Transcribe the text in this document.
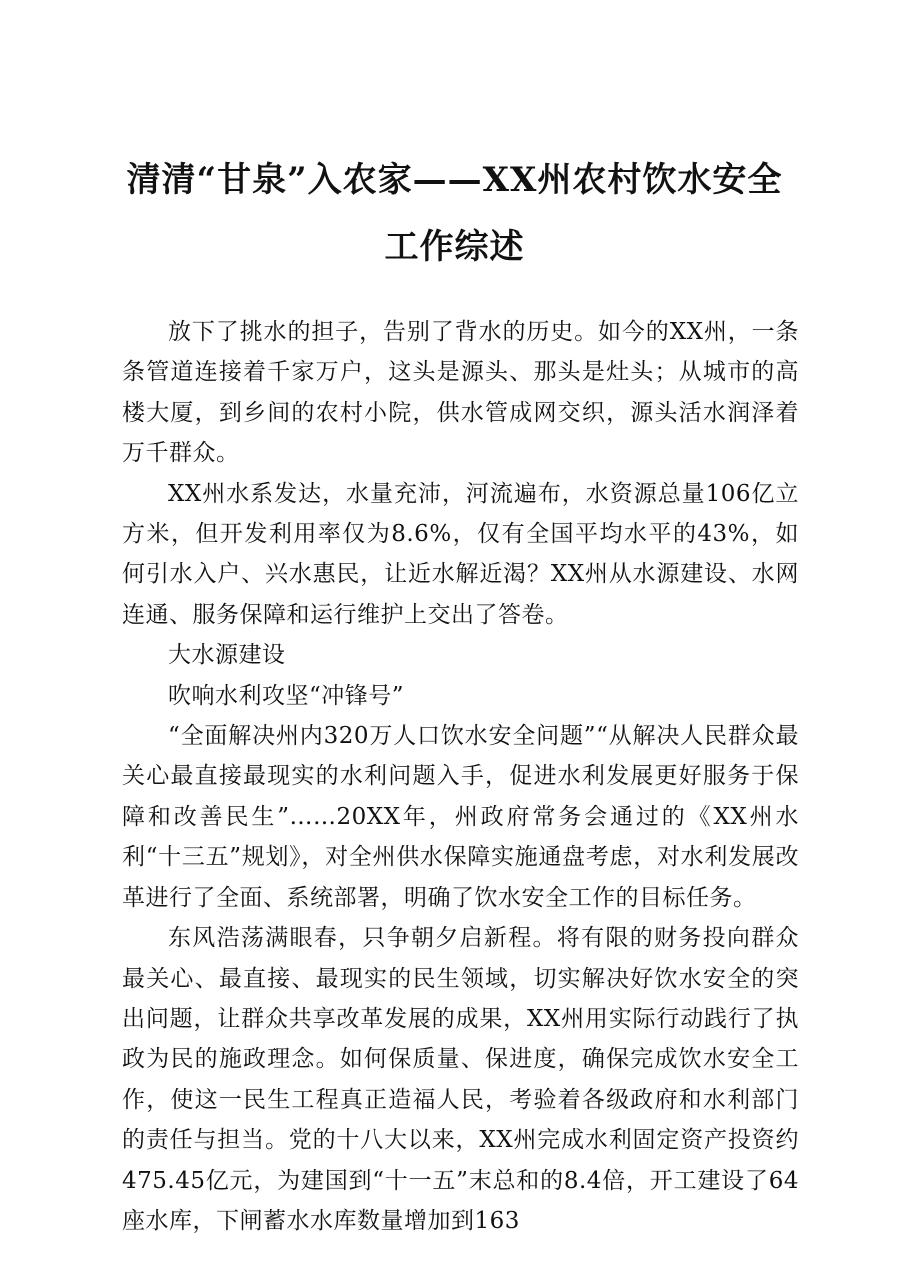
清清“甘泉”入农家——XX州农村饮水安全
工作综述

放下了挑水的担子，告别了背水的历史。如今的XX州，一条条管道连接着千家万户，这头是源头、那头是灶头；从城市的高楼大厦，到乡间的农村小院，供水管成网交织，源头活水润泽着万千群众。

XX州水系发达，水量充沛，河流遍布，水资源总量106亿立方米，但开发利用率仅为8.6%，仅有全国平均水平的43%，如何引水入户、兴水惠民，让近水解近渴？XX州从水源建设、水网连通、服务保障和运行维护上交出了答卷。

大水源建设

吹响水利攻坚“冲锋号”

“全面解决州内320万人口饮水安全问题”“从解决人民群众最关心最直接最现实的水利问题入手，促进水利发展更好服务于保障和改善民生”……20XX年，州政府常务会通过的《XX州水利“十三五”规划》，对全州供水保障实施通盘考虑，对水利发展改革进行了全面、系统部署，明确了饮水安全工作的目标任务。

东风浩荡满眼春，只争朝夕启新程。将有限的财务投向群众最关心、最直接、最现实的民生领域，切实解决好饮水安全的突出问题，让群众共享改革发展的成果，XX州用实际行动践行了执政为民的施政理念。如何保质量、保进度，确保完成饮水安全工作，使这一民生工程真正造福人民，考验着各级政府和水利部门的责任与担当。党的十八大以来，XX州完成水利固定资产投资约475.45亿元，为建国到“十一五”末总和的8.4倍，开工建设了64座水库，下闸蓄水水库数量增加到163
